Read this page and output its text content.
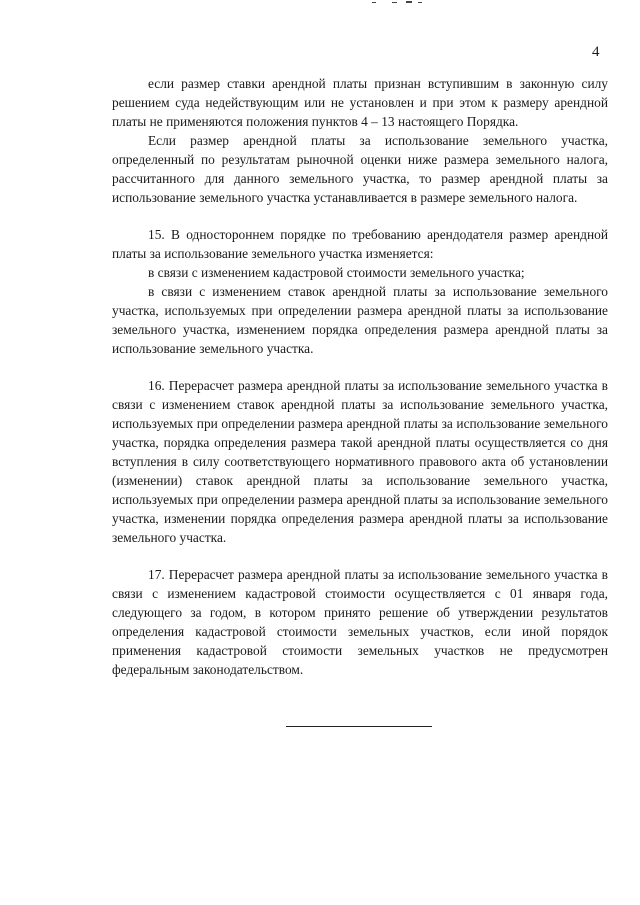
4

если размер ставки арендной платы признан вступившим в законную силу решением суда недействующим или не установлен и при этом к размеру арендной платы не применяются положения пунктов 4 – 13 настоящего Порядка.

Если размер арендной платы за использование земельного участка, определенный по результатам рыночной оценки ниже размера земельного налога, рассчитанного для данного земельного участка, то размер арендной платы за использование земельного участка устанавливается в размере земельного налога.

15. В одностороннем порядке по требованию арендодателя размер арендной платы за использование земельного участка изменяется:

в связи с изменением кадастровой стоимости земельного участка;

в связи с изменением ставок арендной платы за использование земельного участка, используемых при определении размера арендной платы за использование земельного участка, изменением порядка определения размера арендной платы за использование земельного участка.

16. Перерасчет размера арендной платы за использование земельного участка в связи с изменением ставок арендной платы за использование земельного участка, используемых при определении размера арендной платы за использование земельного участка, порядка определения размера такой арендной платы осуществляется со дня вступления в силу соответствующего нормативного правового акта об установлении (изменении) ставок арендной платы за использование земельного участка, используемых при определении размера арендной платы за использование земельного участка, изменении порядка определения размера арендной платы за использование земельного участка.

17. Перерасчет размера арендной платы за использование земельного участка в связи с изменением кадастровой стоимости осуществляется с 01 января года, следующего за годом, в котором принято решение об утверждении результатов определения кадастровой стоимости земельных участков, если иной порядок применения кадастровой стоимости земельных участков не предусмотрен федеральным законодательством.
